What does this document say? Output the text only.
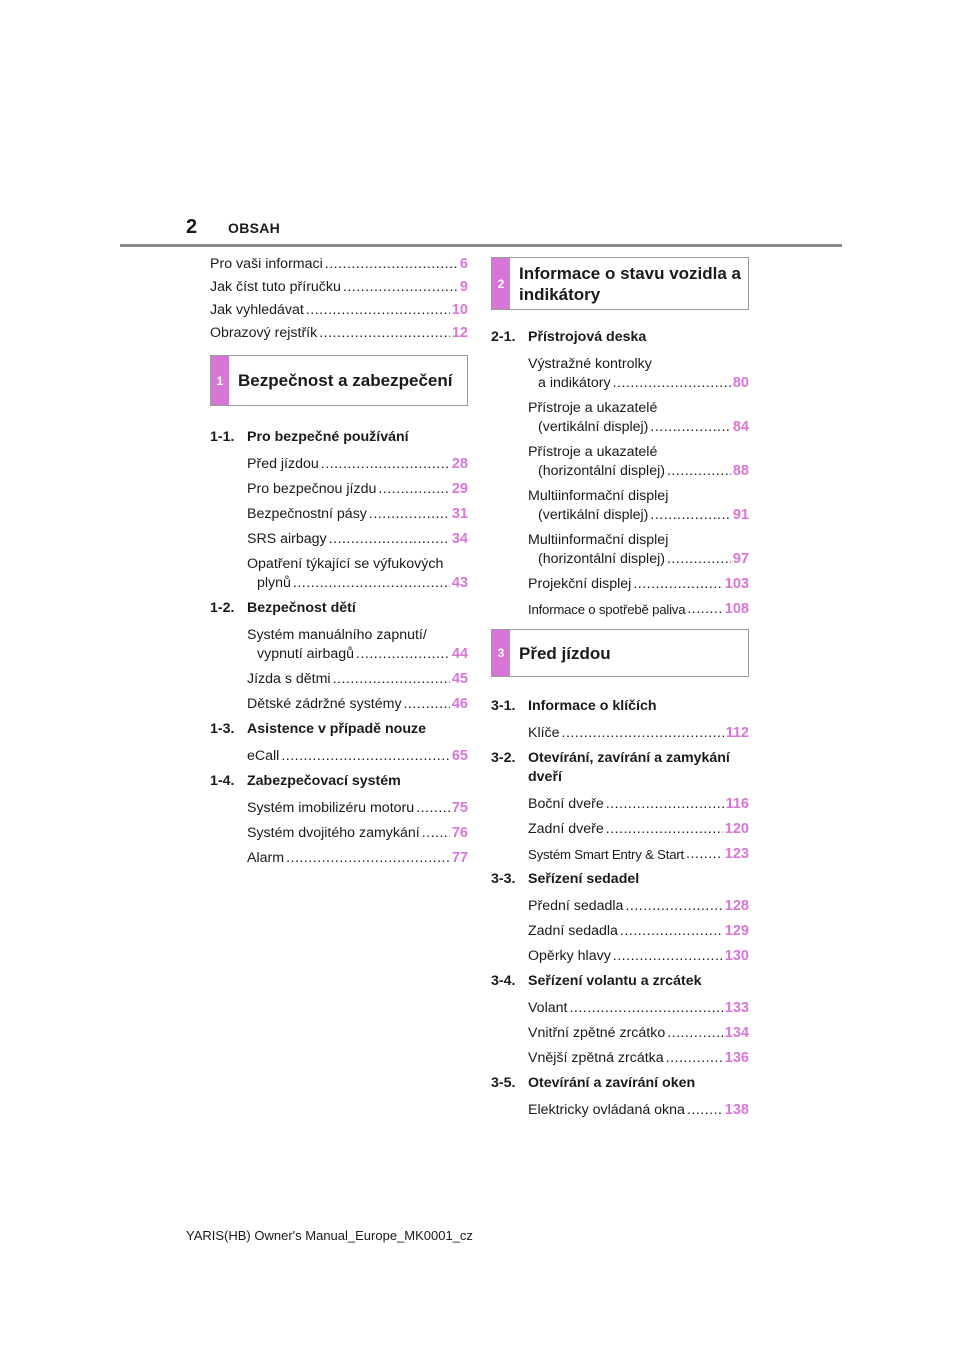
2 OBSAH
Pro vaši informaci .....	6
Jak číst tuto příručku .....	9
Jak vyhledávat .....	10
Obrazový rejstřík .....	12
1 Bezpečnost a zabezpečení
1-1. Pro bezpečné používání
Před jízdou .....	28
Pro bezpečnou jízdu .....	29
Bezpečnostní pásy .....	31
SRS airbagy .....	34
Opatření týkající se výfukových
plynů .....	43
1-2. Bezpečnost dětí
Systém manuálního zapnutí/
vypnutí airbagů .....	44
Jízda s dětmi .....	45
Dětské zádržné systémy .....	46
1-3. Asistence v případě nouze
eCall .....	65
1-4. Zabezpečovací systém
Systém imobilizéru motoru .....	75
Systém dvojitého zamykání ..... 76
Alarm .....	77
2
Informace o stavu vozidla a indikátory
2-1. Přístrojová deska
Výstražné kontrolky
a indikátory .....	80
Přístroje a ukazatelé
(vertikální displej) .....	84
Přístroje a ukazatelé
(horizontální displej) .....	88
Multiinformační displej
(vertikální displej) .....	91
Multiinformační displej
(horizontální displej) .....	97
Projekční displej .....	103
Informace o spotřebě paliva .....	108
3 Před jízdou
3-1. Informace o klíčích
Klíče .....	112
3-2. Otevírání, zavírání a zamykání dveří
Boční dveře .....	116
Zadní dveře .....	120
Systém Smart Entry & Start .....	123
3-3. Seřízení sedadel
Přední sedadla .....	128
Zadní sedadla .....	129
Opěrky hlavy .....	130
3-4. Seřízení volantu a zrcátek
Volant .....	133
Vnitřní zpětné zrcátko .....	134
Vnější zpětná zrcátka .....	136
3-5. Otevírání a zavírání oken
Elektricky ovládaná okna .....	138
YARIS(HB) Owner's Manual_Europe_MK0001_cz
